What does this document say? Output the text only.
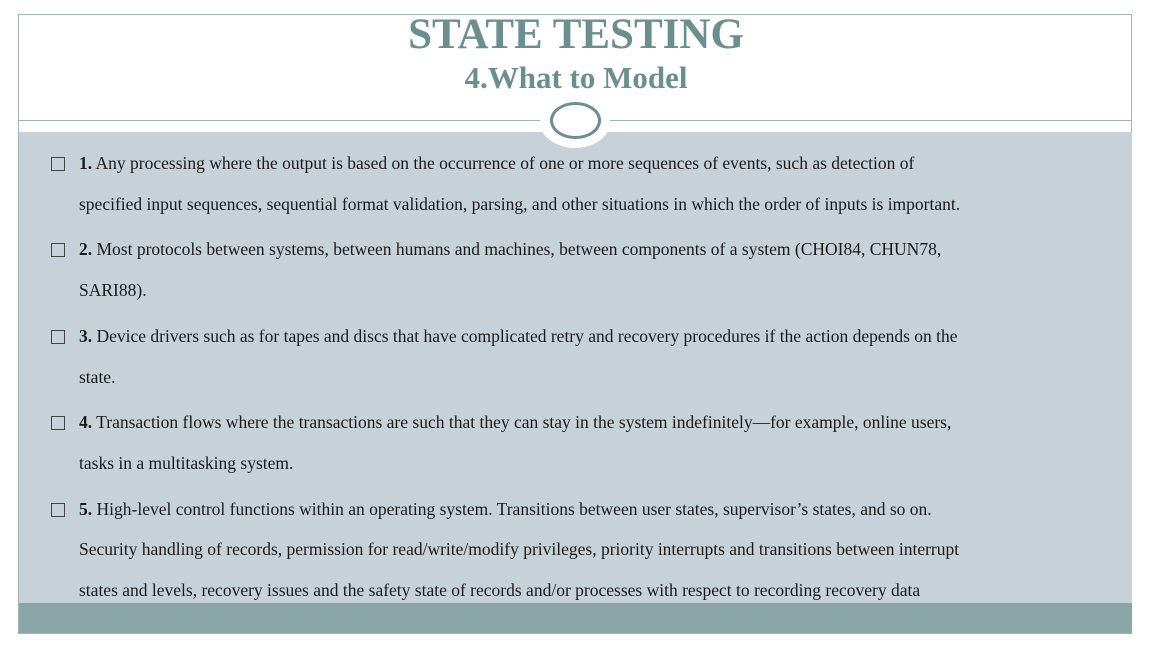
STATE TESTING
4.What to Model
1. Any processing where the output is based on the occurrence of one or more sequences of events, such as detection of
specified input sequences, sequential format validation, parsing, and other situations in which the order of inputs is important.
2. Most protocols between systems, between humans and machines, between components of a system (CHOI84, CHUN78,
SARI88).
3. Device drivers such as for tapes and discs that have complicated retry and recovery procedures if the action depends on the
state.
4. Transaction flows where the transactions are such that they can stay in the system indefinitely—for example, online users,
tasks in a multitasking system.
5. High-level control functions within an operating system. Transitions between user states, supervisor’s states, and so on.
Security handling of records, permission for read/write/modify privileges, priority interrupts and transitions between interrupt
states and levels, recovery issues and the safety state of records and/or processes with respect to recording recovery data
